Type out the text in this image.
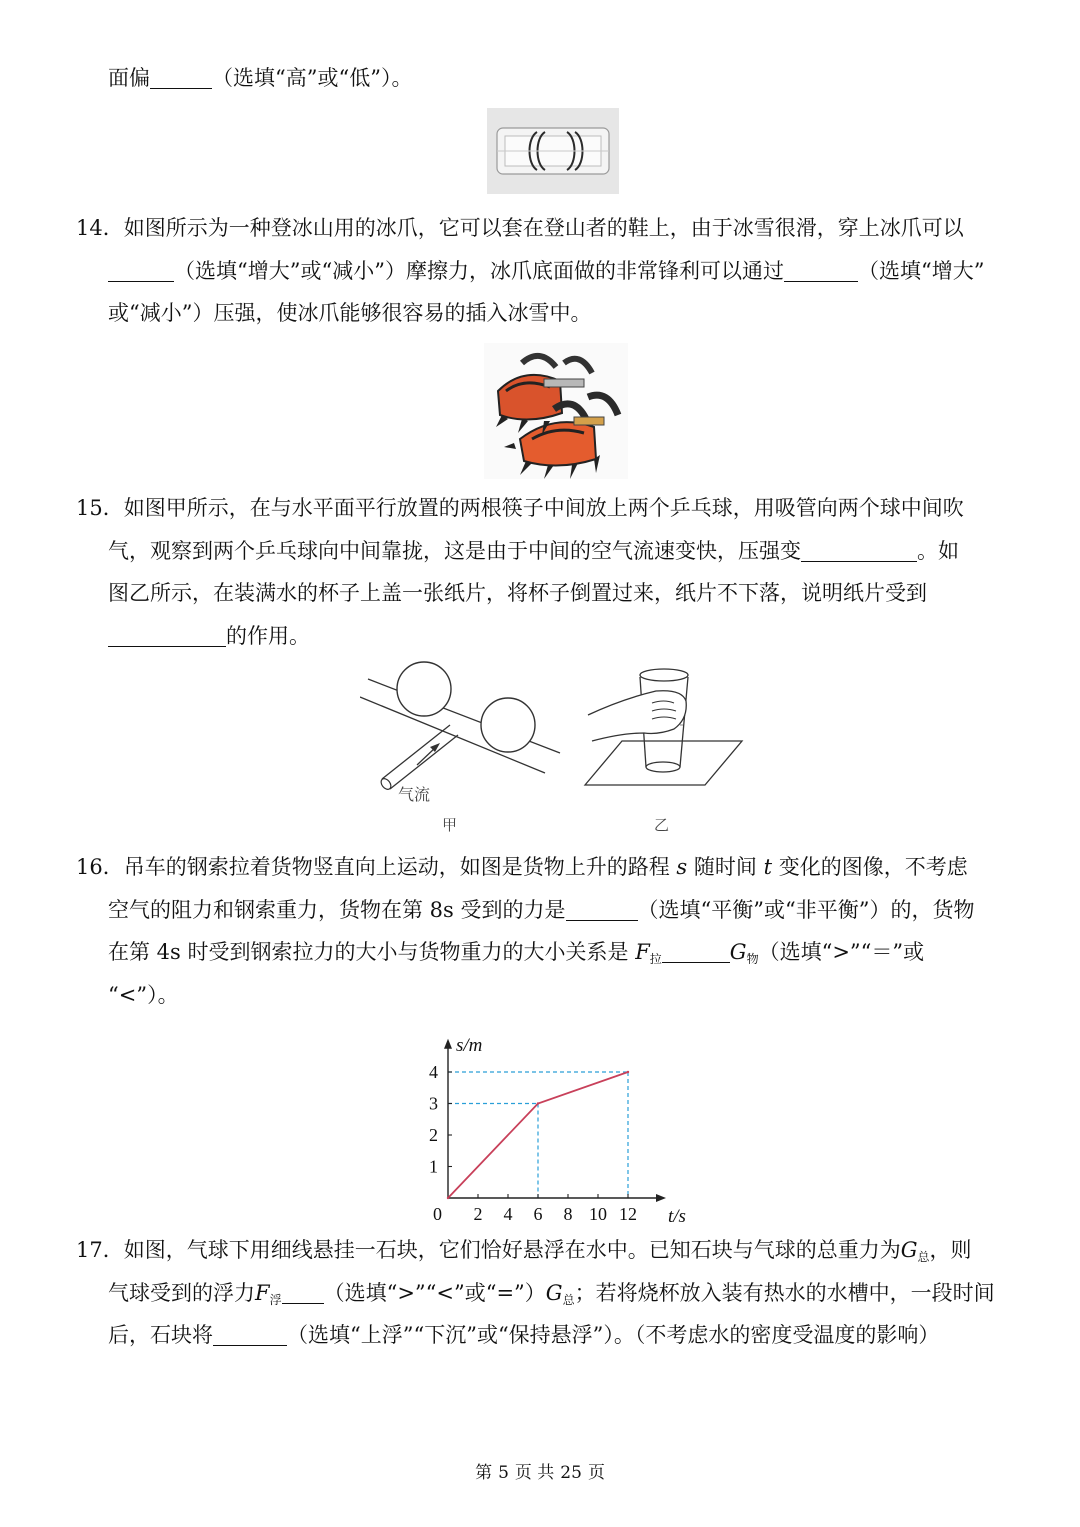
面偏	（选填“高”或“低”）。
14．如图所示为一种登冰山用的冰爪，它可以套在登山者的鞋上，由于冰雪很滑，穿上冰爪可以
（选填“增大”或“减小”）摩擦力，冰爪底面做的非常锋利可以通过	（选填“增大”
或“减小”）压强，使冰爪能够很容易的插入冰雪中。
15．如图甲所示，在与水平面平行放置的两根筷子中间放上两个乒乓球，用吸管向两个球中间吹
气，观察到两个乒乓球向中间靠拢，这是由于中间的空气流速变快，压强变	。如
图乙所示，在装满水的杯子上盖一张纸片，将杯子倒置过来，纸片不下落，说明纸片受到
的作用。
气流
甲	乙
16．吊车的钢索拉着货物竖直向上运动，如图是货物上升的路程 s 随时间 t 变化的图像，不考虑
空气的阻力和钢索重力，货物在第 8s 受到的力是	（选填“平衡”或“非平衡”）的，货物
在第 4s 时受到钢索拉力的大小与货物重力的大小关系是 $F_拉$	$G_物$（选填“>”“＝”或
“<”）。
2 4 6 8 10 12
1
2
3
4
0	t/s
s/m
17．如图，气球下用细线悬挂一石块，它们恰好悬浮在水中。已知石块与气球的总重力为$G_总$，则
气球受到的浮力$F_浮$ （选填“>”“<”或“$=”)G_总$；若将烧杯放入装有热水的水槽中，一段时间
后，石块将	（选填“上浮”“下沉”或“保持悬浮”）。（不考虑水的密度受温度的影响）
第 5 页 共 25 页
